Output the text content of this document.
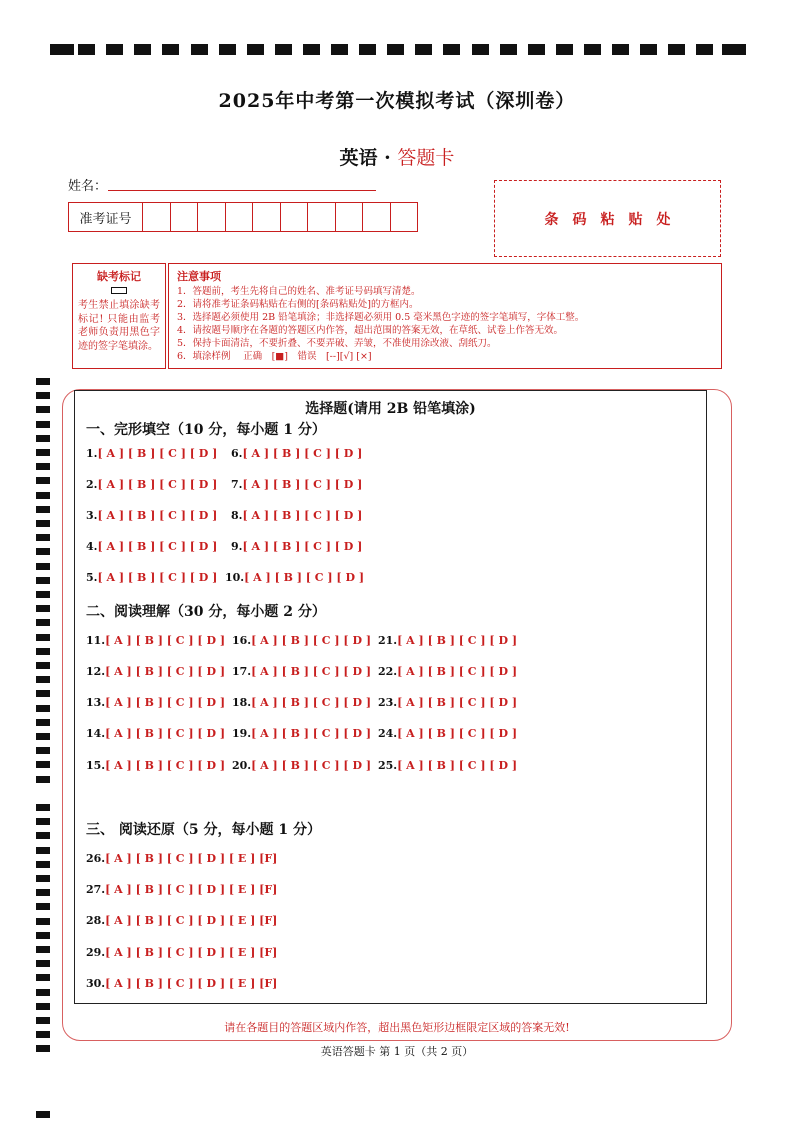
2025年中考第一次模拟考试（深圳卷）
英语 · 答题卡
姓名：
准考证号	条码粘贴处
缺考标记
考生禁止填涂缺考标记! 只能由监考老师负责用黑色字迹的签字笔填涂。
注意事项
1．答题前，考生先将自己的姓名、准考证号码填写清楚。
2．请将准考证条码粘贴在右侧的[条码粘贴处]的方框内。
3．选择题必须使用 2B 铅笔填涂；非选择题必须用 0.5 毫米黑色字迹的签字笔填写，字体工整。
4．请按题号顺序在各题的答题区内作答，超出范围的答案无效，在草纸、试卷上作答无效。
5．保持卡面清洁，不要折叠、不要弄破、弄皱，不准使用涂改液、刮纸刀。
6．填涂样例　 正确　[■]　错误　[--][√] [×]
选择题(请用 2B 铅笔填涂)
一、完形填空（10 分，每小题 1 分）
二、阅读理解（30 分，每小题 2 分）
三、 阅读还原（5 分，每小题 1 分）
1.[ A ] [ B ] [ C ] [ D ]
2.[ A ] [ B ] [ C ] [ D ]
3.[ A ] [ B ] [ C ] [ D ]
4.[ A ] [ B ] [ C ] [ D ]
5.[ A ] [ B ] [ C ] [ D ]
6.[ A ] [ B ] [ C ] [ D ]
7.[ A ] [ B ] [ C ] [ D ]
8.[ A ] [ B ] [ C ] [ D ]
9.[ A ] [ B ] [ C ] [ D ]
10.[ A ] [ B ] [ C ] [ D ]
11.[ A ] [ B ] [ C ] [ D ]
12.[ A ] [ B ] [ C ] [ D ]
13.[ A ] [ B ] [ C ] [ D ]
14.[ A ] [ B ] [ C ] [ D ]
15.[ A ] [ B ] [ C ] [ D ]
16.[ A ] [ B ] [ C ] [ D ]
17.[ A ] [ B ] [ C ] [ D ]
18.[ A ] [ B ] [ C ] [ D ]
19.[ A ] [ B ] [ C ] [ D ]
20.[ A ] [ B ] [ C ] [ D ]
21.[ A ] [ B ] [ C ] [ D ]
22.[ A ] [ B ] [ C ] [ D ]
23.[ A ] [ B ] [ C ] [ D ]
24.[ A ] [ B ] [ C ] [ D ]
25.[ A ] [ B ] [ C ] [ D ]
26.[ A ] [ B ] [ C ] [ D ] [ E ] [F]
27.[ A ] [ B ] [ C ] [ D ] [ E ] [F]
28.[ A ] [ B ] [ C ] [ D ] [ E ] [F]
29.[ A ] [ B ] [ C ] [ D ] [ E ] [F]
30.[ A ] [ B ] [ C ] [ D ] [ E ] [F]
请在各题目的答题区域内作答，超出黑色矩形边框限定区域的答案无效!
英语答题卡 第 1 页（共 2 页）
